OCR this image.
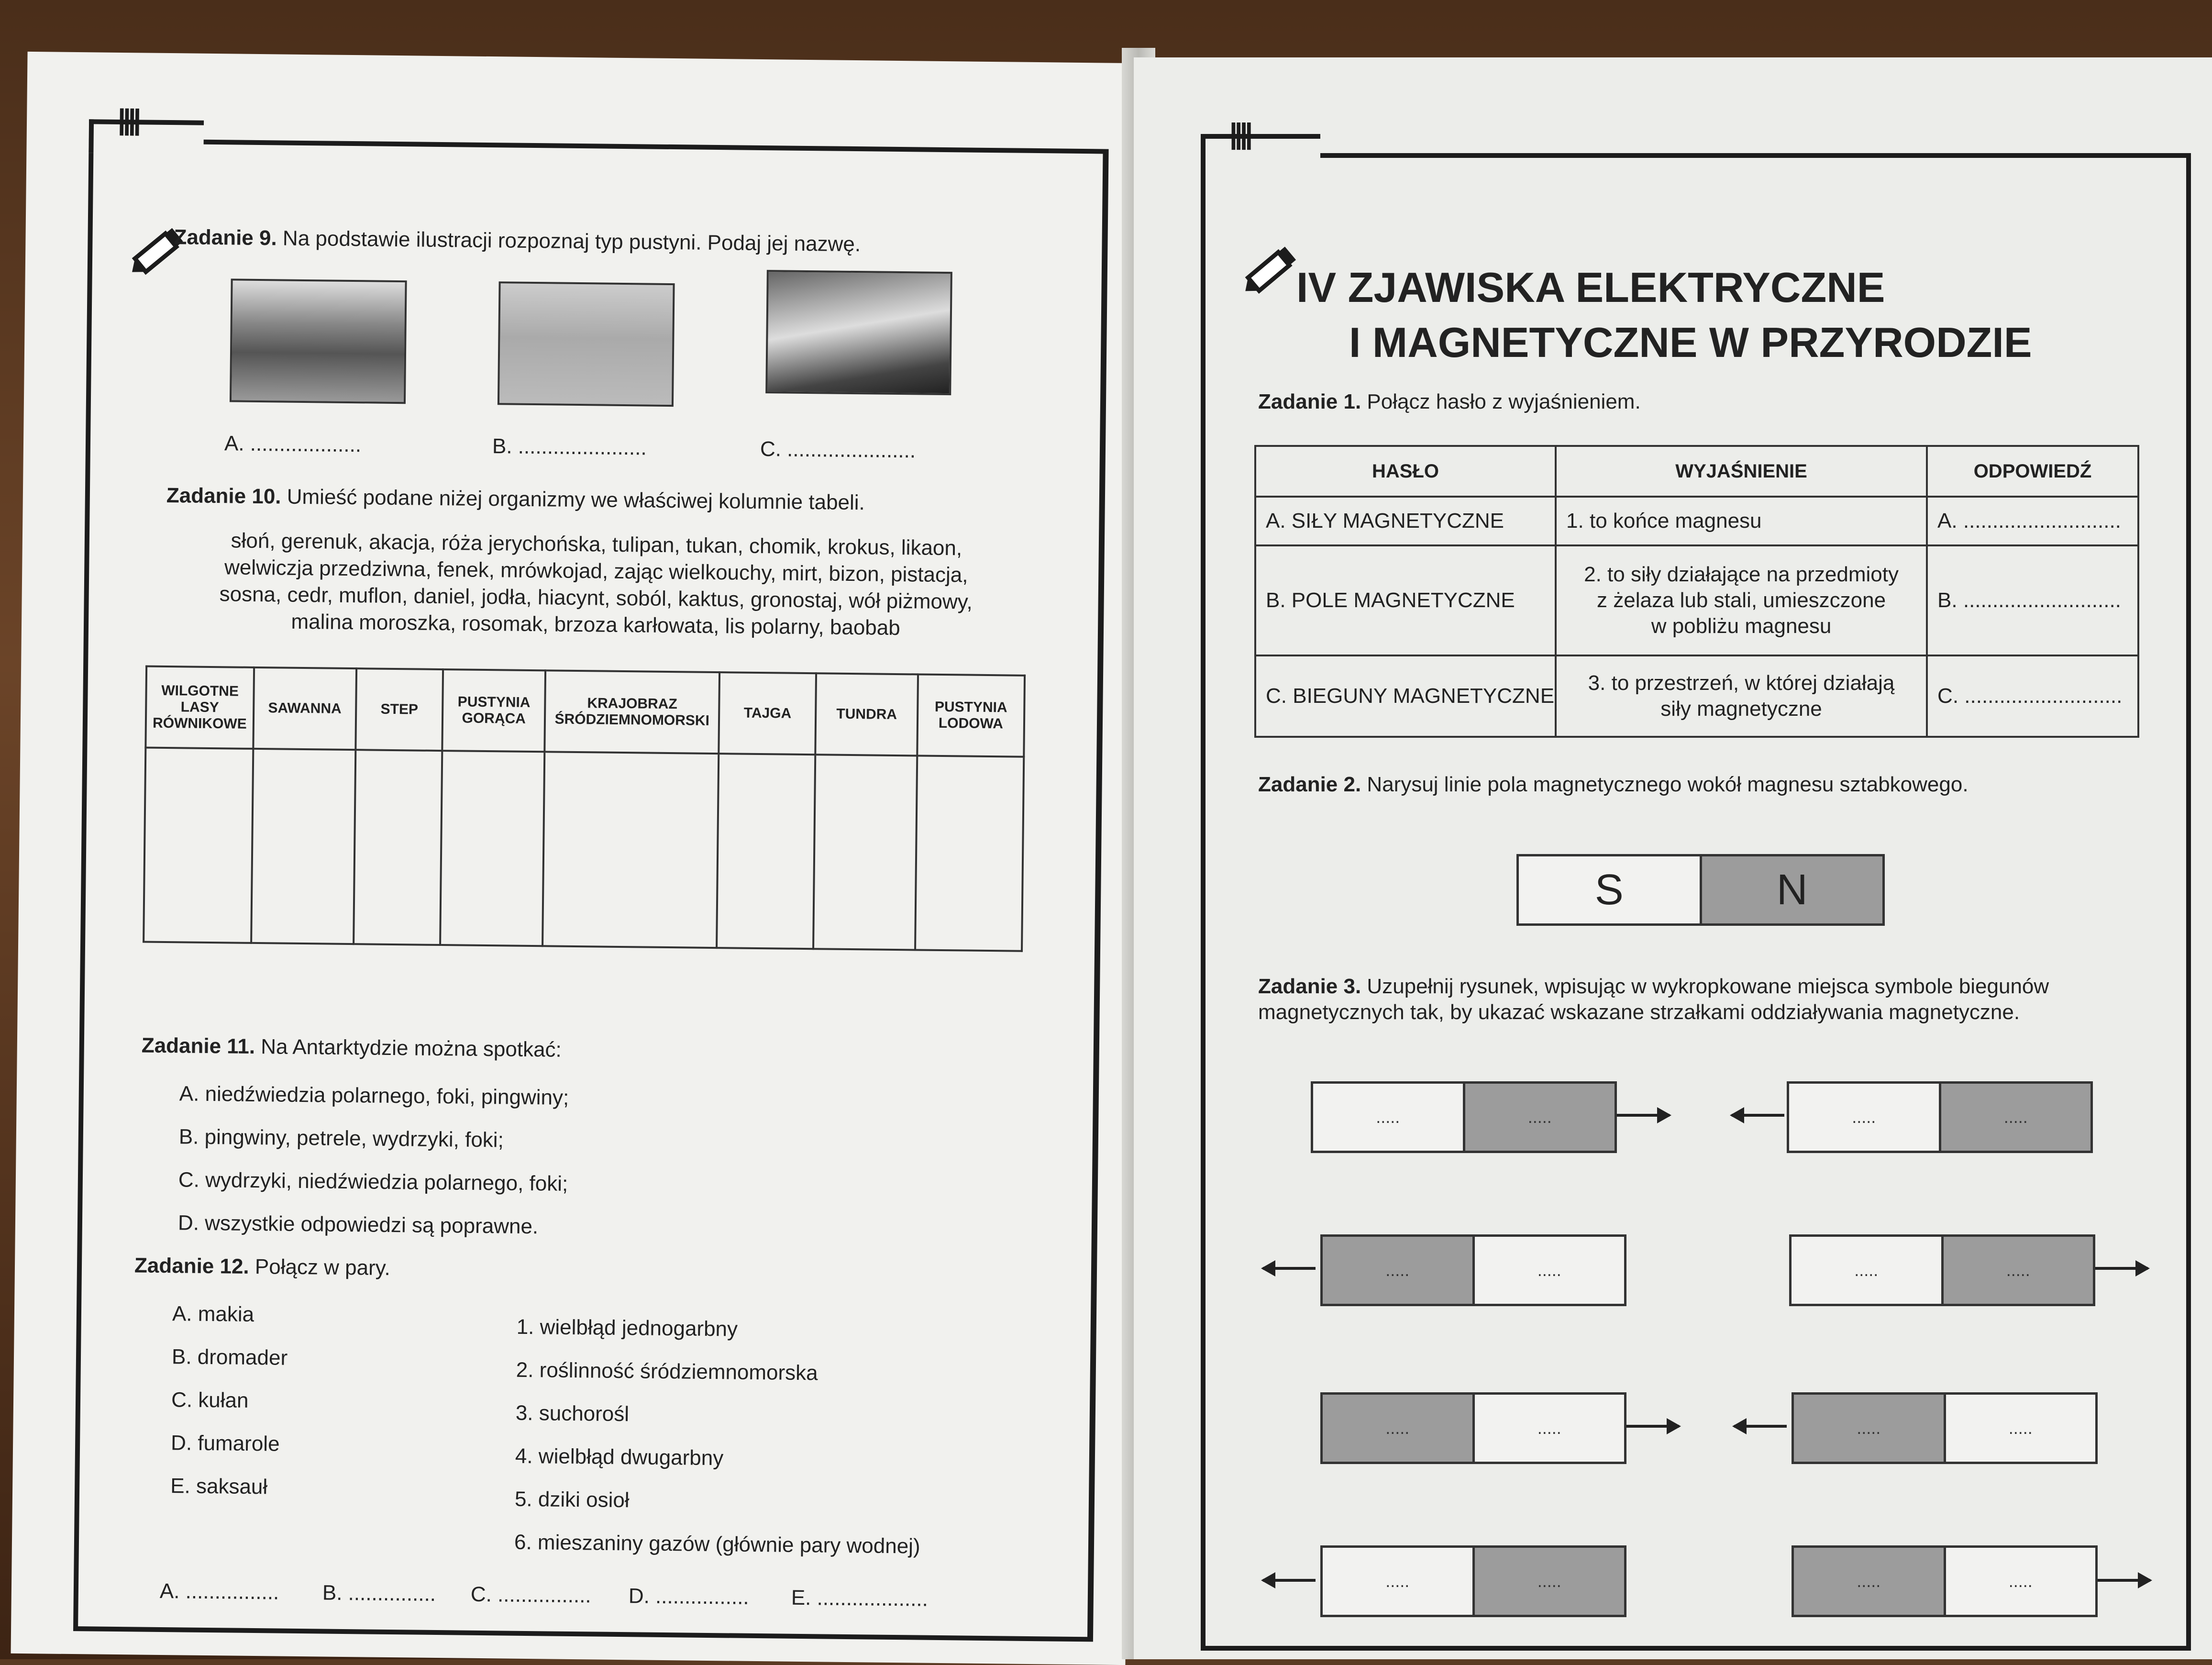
||||
Zadanie 9. Na podstawie ilustracji rozpoznaj typ pustyni. Podaj jej nazwę.
A. ...................	B. ......................	C. ......................
Zadanie 10. Umieść podane niżej organizmy we właściwej kolumnie tabeli.
słoń, gerenuk, akacja, róża jerychońska, tulipan, tukan, chomik, krokus, likaon,
welwiczja przedziwna, fenek, mrówkojad, zając wielkouchy, mirt, bizon, pistacja,
sosna, cedr, muflon, daniel, jodła, hiacynt, soból, kaktus, gronostaj, wół piżmowy,
malina moroszka, rosomak, brzoza karłowata, lis polarny, baobab
WILGOTNE LASY RÓWNIKOWE	SAWANNA	STEP	PUSTYNIA GORĄCA	KRAJOBRAZ ŚRÓDZIEMNOMORSKI	TAJGA	TUNDRA	PUSTYNIA LODOWA

Zadanie 11. Na Antarktydzie można spotkać:
A. niedźwiedzia polarnego, foki, pingwiny;
B. pingwiny, petrele, wydrzyki, foki;
C. wydrzyki, niedźwiedzia polarnego, foki;
D. wszystkie odpowiedzi są poprawne.
Zadanie 12. Połącz w pary.
A. makia
B. dromader
C. kułan
D. fumarole
E. saksauł
1. wielbłąd jednogarbny
2. roślinność śródziemnomorska
3. suchorośl
4. wielbłąd dwugarbny
5. dziki osioł
6. mieszaniny gazów (głównie pary wodnej)
A. ................ B. ............... C. ................ D. ................ E. ...................
||||
IV ZJAWISKA ELEKTRYCZNE
I MAGNETYCZNE W PRZYRODZIE
Zadanie 1. Połącz hasło z wyjaśnieniem.
HASŁO	WYJAŚNIENIE	ODPOWIEDŹ
A. SIŁY MAGNETYCZNE	1. to końce magnesu	A. ...........................
B. POLE MAGNETYCZNE	2. to siły działające na przedmioty
z żelaza lub stali, umieszczone
w pobliżu magnesu	B. ...........................
C. BIEGUNY MAGNETYCZNE	3. to przestrzeń, w której działają
siły magnetyczne	C. ...........................
Zadanie 2. Narysuj linie pola magnetycznego wokół magnesu sztabkowego.
S	N
Zadanie 3. Uzupełnij rysunek, wpisując w wykropkowane miejsca symbole biegunów
magnetycznych tak, by ukazać wskazane strzałkami oddziaływania magnetyczne.
.....	.....	.....	.....
.....	.....	.....	.....
.....	.....	.....	.....
.....	.....	.....	.....
